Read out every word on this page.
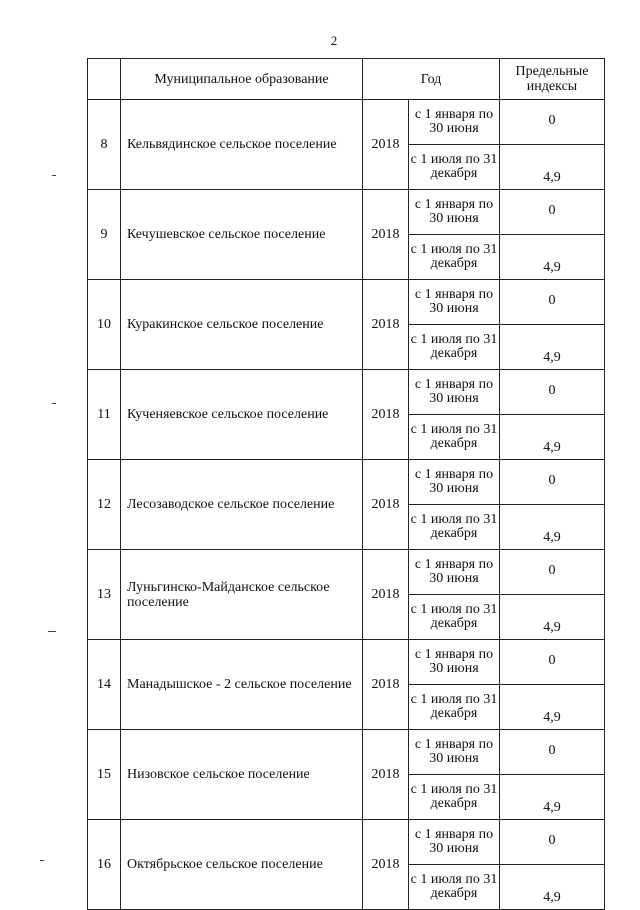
2
	Муниципальное образование	Год		Предельные индексы
8	Кельвядинское сельское поселение	2018	с 1 января по 30 июня	0
			с 1 июля по 31 декабря	4,9
9	Кечушевское сельское поселение	2018	с 1 января по 30 июня	0
			с 1 июля по 31 декабря	4,9
10	Куракинское сельское поселение	2018	с 1 января по 30 июня	0
			с 1 июля по 31 декабря	4,9
11	Кученяевское сельское поселение	2018	с 1 января по 30 июня	0
			с 1 июля по 31 декабря	4,9
12	Лесозаводское сельское поселение	2018	с 1 января по 30 июня	0
			с 1 июля по 31 декабря	4,9
13	Луньгинско-Майданское сельское поселение	2018	с 1 января по 30 июня	0
			с 1 июля по 31 декабря	4,9
14	Манадышское - 2 сельское поселение	2018	с 1 января по 30 июня	0
			с 1 июля по 31 декабря	4,9
15	Низовское сельское поселение	2018	с 1 января по 30 июня	0
			с 1 июля по 31 декабря	4,9
16	Октябрьское сельское поселение	2018	с 1 января по 30 июня	0
			с 1 июля по 31 декабря	4,9
